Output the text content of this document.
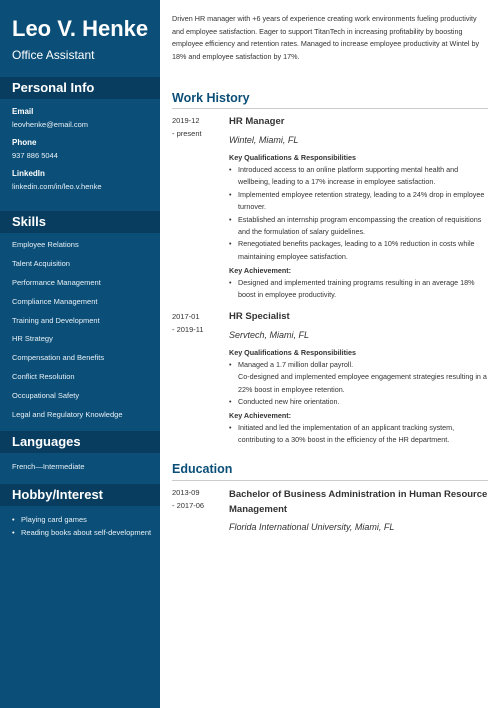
Leo V. Henke
Office Assistant
Personal Info
Email
leovhenke@email.com
Phone
937 886 5044
LinkedIn
linkedin.com/in/leo.v.henke
Skills
Employee Relations
Talent Acquisition
Performance Management
Compliance Management
Training and Development
HR Strategy
Compensation and Benefits
Conflict Resolution
Occupational Safety
Legal and Regulatory Knowledge
Languages
French—Intermediate
Hobby/Interest
• Playing card games
• Reading books about self-development
Driven HR manager with +6 years of experience creating work environments fueling productivity and employee satisfaction. Eager to support TitanTech in increasing profitability by boosting employee efficiency and retention rates. Managed to increase employee productivity at Wintel by 18% and employee satisfaction by 17%.
Work History
2019-12
- present
HR Manager
Wintel, Miami, FL
Key Qualifications & Responsibilities
• Introduced access to an online platform supporting mental health and wellbeing, leading to a 17% increase in employee satisfaction.
• Implemented employee retention strategy, leading to a 24% drop in employee turnover.
• Established an internship program encompassing the creation of requisitions and the formulation of salary guidelines.
• Renegotiated benefits packages, leading to a 10% reduction in costs while maintaining employee satisfaction.
Key Achievement:
• Designed and implemented training programs resulting in an average 18% boost in employee productivity.
2017-01
- 2019-11
HR Specialist
Servtech, Miami, FL
Key Qualifications & Responsibilities
• Managed a 1.7 million dollar payroll.
Co-designed and implemented employee engagement strategies resulting in a 22% boost in employee retention.
• Conducted new hire orientation.
Key Achievement:
• Initiated and led the implementation of an applicant tracking system, contributing to a 30% boost in the efficiency of the HR department.
Education
2013-09
- 2017-06
Bachelor of Business Administration in Human Resource Management
Florida International University, Miami, FL
